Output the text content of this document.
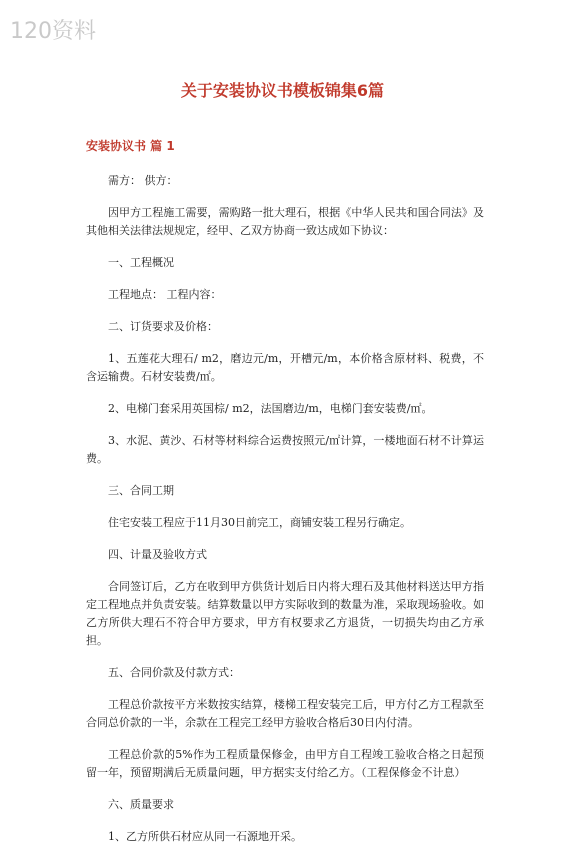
120资料
关于安装协议书模板锦集6篇
安装协议书 篇 1

需方： 供方：

因甲方工程施工需要，需购路一批大理石，根据《中华人民共和国合同法》及其他相关法律法规规定，经甲、乙双方协商一致达成如下协议：

一、工程概况

工程地点： 工程内容：

二、订货要求及价格：

1、五莲花大理石/ m2，磨边元/m，开槽元/m，本价格含原材料、税费，不含运输费。石材安装费/㎡。

2、电梯门套采用英国棕/ m2，法国磨边/m，电梯门套安装费/㎡。

3、水泥、黄沙、石材等材料综合运费按照元/㎡计算，一楼地面石材不计算运费。

三、合同工期

住宅安装工程应于11月30日前完工，商铺安装工程另行确定。

四、计量及验收方式

合同签订后，乙方在收到甲方供货计划后日内将大理石及其他材料送达甲方指定工程地点并负责安装。结算数量以甲方实际收到的数量为准，采取现场验收。如乙方所供大理石不符合甲方要求，甲方有权要求乙方退货，一切损失均由乙方承担。

五、合同价款及付款方式：

工程总价款按平方米数按实结算，楼梯工程安装完工后，甲方付乙方工程款至合同总价款的一半，余款在工程完工经甲方验收合格后30日内付清。

工程总价款的5%作为工程质量保修金，由甲方自工程竣工验收合格之日起预留一年，预留期满后无质量问题，甲方据实支付给乙方。（工程保修金不计息）

六、质量要求

1、乙方所供石材应从同一石源地开采。
